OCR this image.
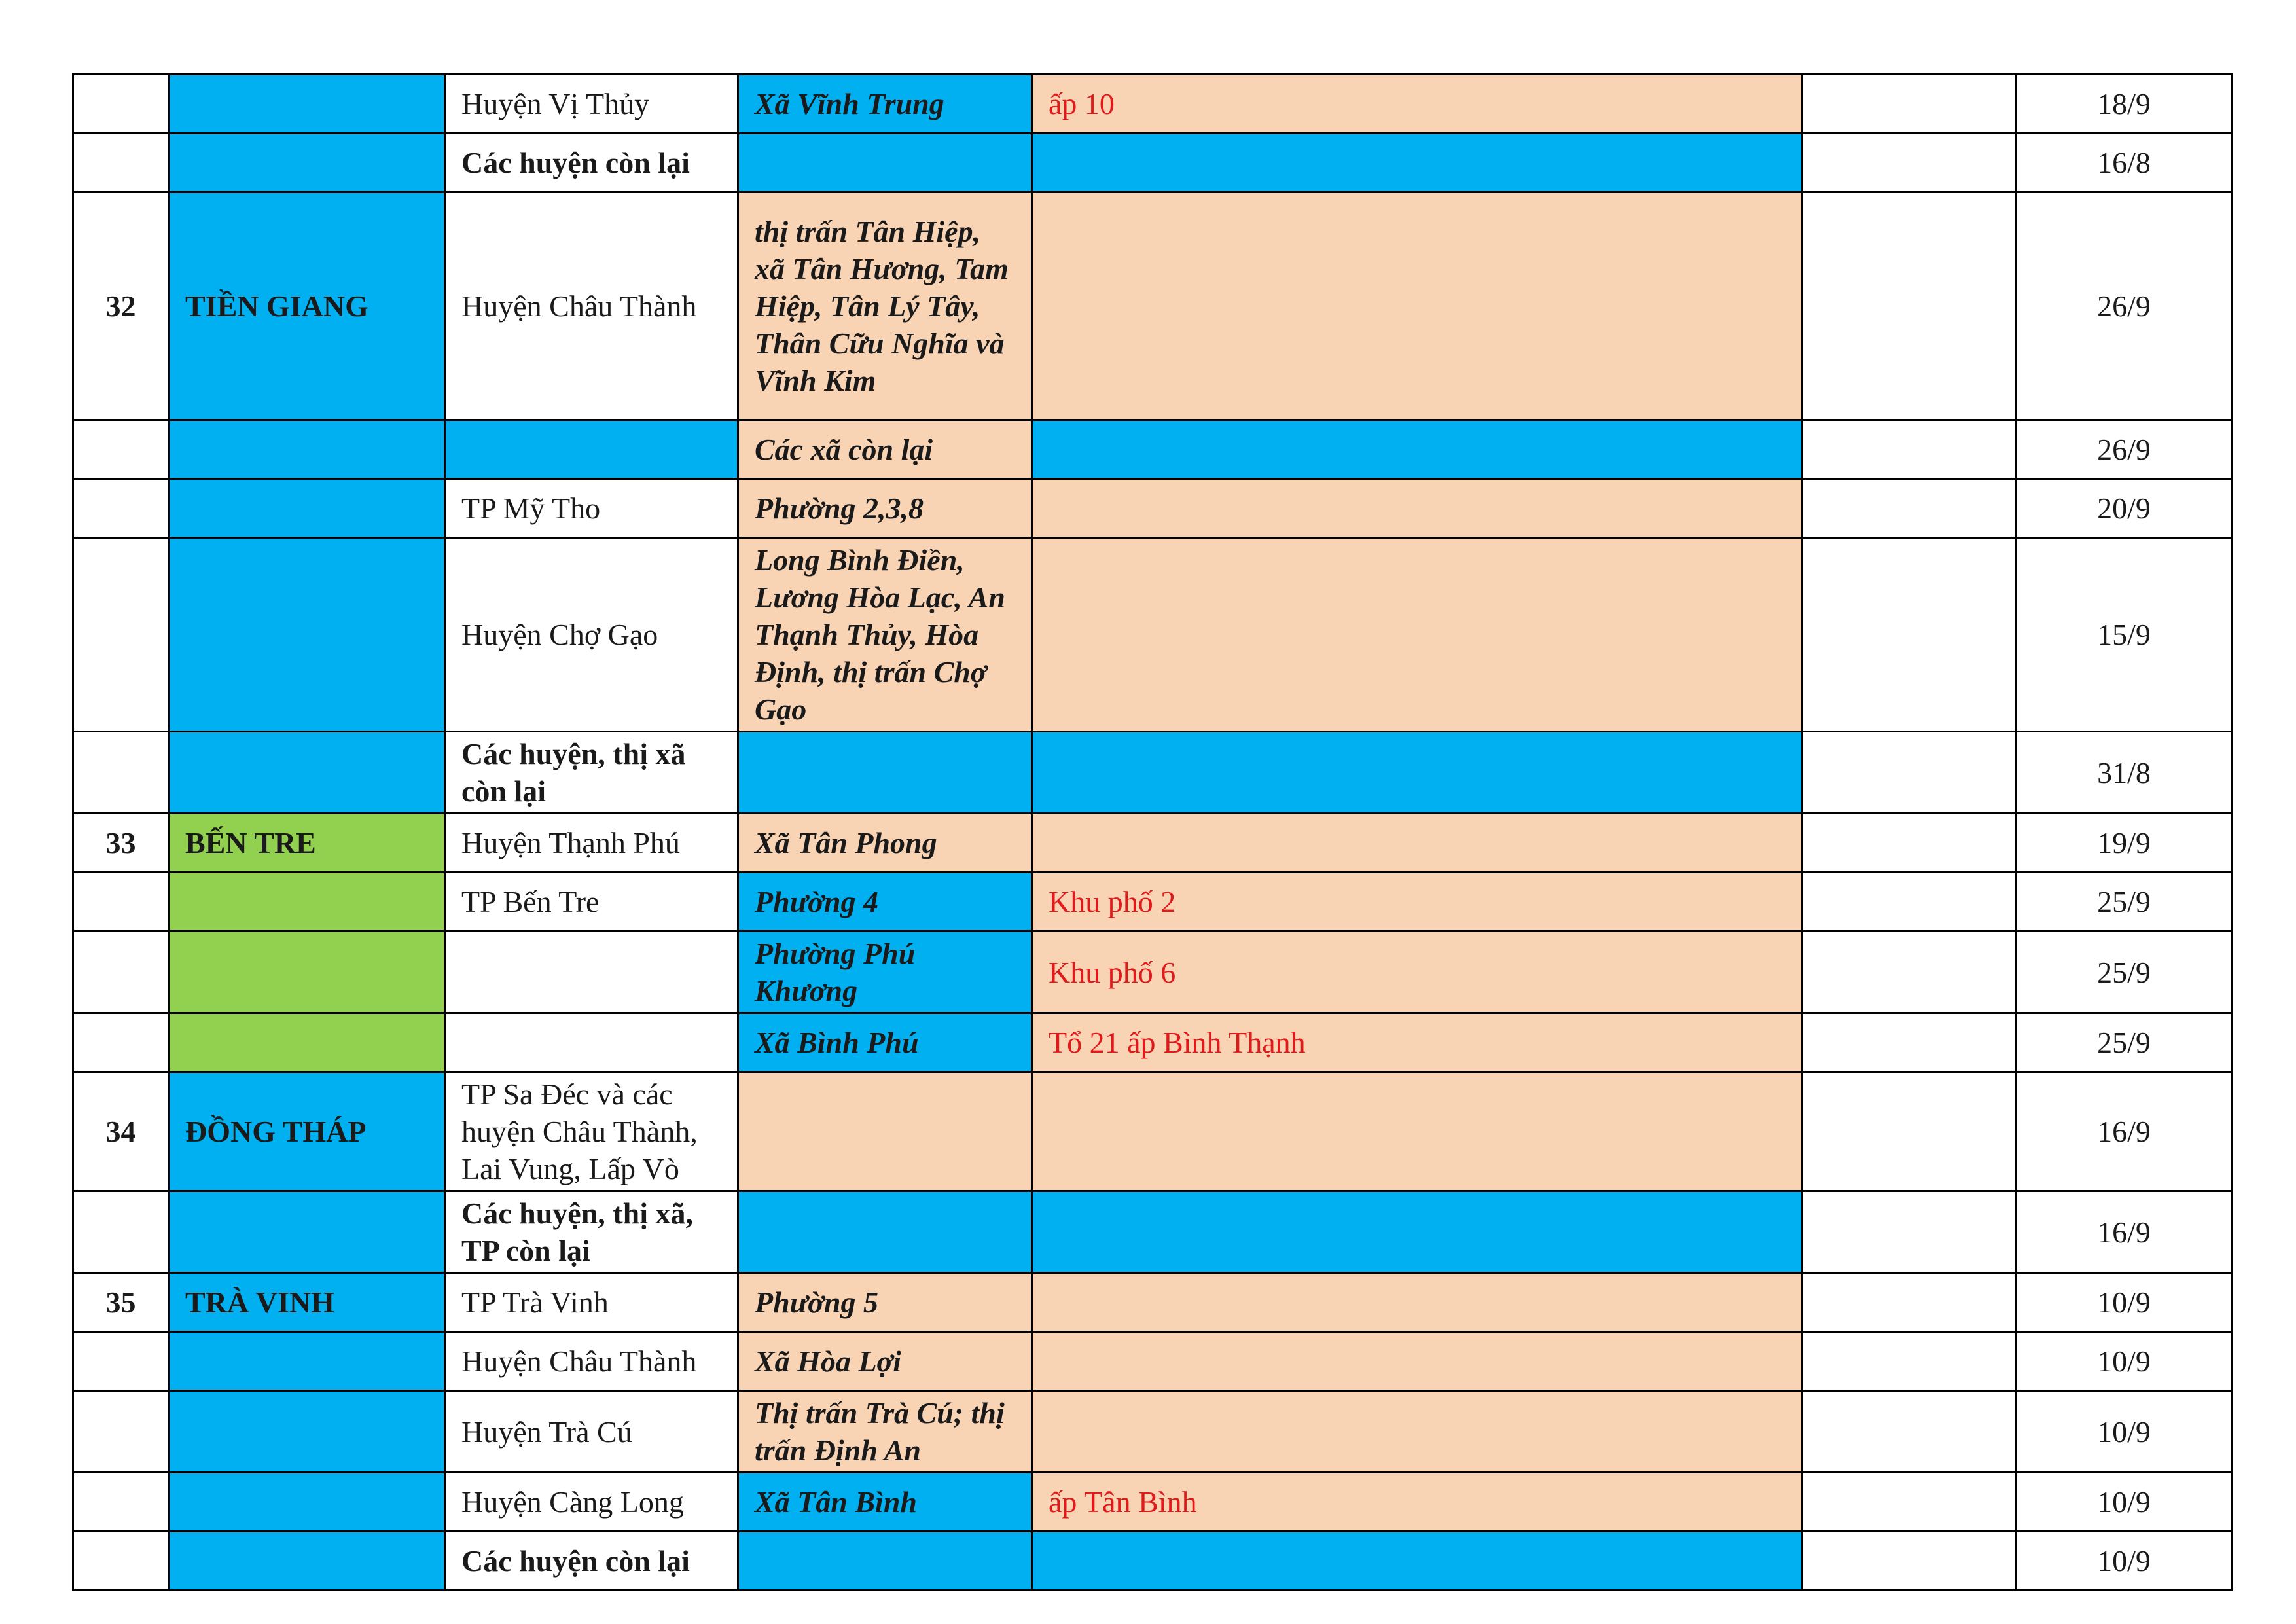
		Huyện Vị Thủy	Xã Vĩnh Trung	ấp 10		18/9
		Các huyện còn lại				16/8
32	TIỀN GIANG	Huyện Châu Thành	thị trấn Tân Hiệp, xã Tân Hương, Tam Hiệp, Tân Lý Tây, Thân Cữu Nghĩa và Vĩnh Kim			26/9
			Các xã còn lại			26/9
		TP Mỹ Tho	Phường 2,3,8			20/9
		Huyện Chợ Gạo	Long Bình Điền, Lương Hòa Lạc, An Thạnh Thủy, Hòa Định, thị trấn Chợ Gạo			15/9
		Các huyện, thị xã còn lại				31/8
33	BẾN TRE	Huyện Thạnh Phú	Xã Tân Phong			19/9
		TP Bến Tre	Phường 4	Khu phố 2		25/9
			Phường Phú Khương	Khu phố 6		25/9
			Xã Bình Phú	Tổ 21 ấp Bình Thạnh		25/9
34	ĐỒNG THÁP	TP Sa Đéc và các huyện Châu Thành, Lai Vung, Lấp Vò				16/9
		Các huyện, thị xã, TP còn lại				16/9
35	TRÀ VINH	TP Trà Vinh	Phường 5			10/9
		Huyện Châu Thành	Xã Hòa Lợi			10/9
		Huyện Trà Cú	Thị trấn Trà Cú; thị trấn Định An			10/9
		Huyện Càng Long	Xã Tân Bình	ấp Tân Bình		10/9
		Các huyện còn lại				10/9
